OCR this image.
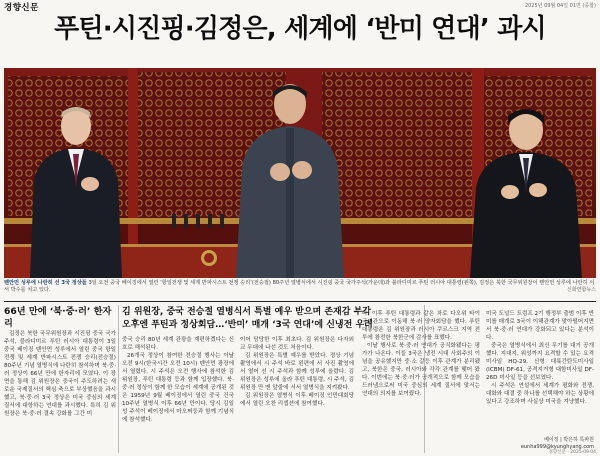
경향신문	2025년 09월 04일 01면 (종합)
푸틴·시진핑·김정은, 세계에 ‘반미 연대’ 과시
톈안먼 성루에 나란히 선 3국 정상들 3일 오전 중국 베이징에서 열린 ‘항일전쟁 및 세계 반파시스트 전쟁 승리’(전승절) 80주년 열병식에서 시진핑 중국 국가주석(가운데)과 블라디미르 푸틴 러시아 대통령(왼쪽), 김정은 북한 국무위원장이 톈안먼 성루에 나란히 서서 박수를 치고 있다.	신화연합뉴스
66년 만에 ‘북·중·러’ 한자리
김 위원장, 중국 전승절 열병식서 특별 예우 받으며 존재감 부각
오후엔 푸틴과 정상회담…‘반미’ 매개 ‘3국 연대’에 신냉전 우려

김정은 북한 국무위원장과 시진핑 중국 국가주석, 블라디미르 푸틴 러시아 대통령이 3일 중국 베이징 톈안먼 성루에서 열린 중국 항일전쟁 및 세계 반파시스트 전쟁 승리(전승절) 80주년 기념 열병식에 나란히 참석하며 북·중·러 정상이 66년 만에 한자리에 모였다. 이 장면을 통해 김 위원장은 중국이 주도하려는 새로운 국제질서의 핵심 축으로 부상했음을 과시했고, 북·중·러 3국 정상은 미국 중심의 세계 질서에 대항하는 연대를 과시했다. 특히 김 위원장은 북·중·러 결속 강화를 그간 미

중국 승리 80년 세계 관광을 재편하겠다는 신호로 해석된다.

26개국 정상이 참여한 전승절 행사는 이날 오전 9시(한국시간 오전 10시) 톈안먼 광장에서 열렸다. 시 주석은 오전 행사에 참석한 김 위원장, 푸틴 대통령 등과 함께 입장했다. 북·중·러 정상이 함께 한 모습이 세계에 공개된 것은 1959년 9월 베이징에서 열린 중국 건국 10주년 열병식 이후 66년 만이다. 당시 김일성 주석이 베이징에서 마오쩌둥과 함께 기념식에 참석했다.

이어 담당한 이후 최초다. 김 위원장은 다자외교 무대에 나선 것도 처음이다.

김 위원장은 특별 예우를 받았다. 정상 기념촬영에서 시 주석 바로 왼편에 서 사진 촬영에서 열어 선 시 주석과 함께 성루에 올랐다. 김 위원장은 성루에 올라 푸틴 대통령, 시 주석, 김 위원장 만 맨 앞줄에 서서 열병식을 지켜봤다.

김 위원장은 열병식 이후 베이징 인민대회당에서 열린 오찬 리셉션에 참여했다.

다. 이후 푸틴 대통령과 같은 차로 다오위 타이 국빈관으로 이동해 북·러 양자회담을 했다. 푸틴 대통령은 김 위원장과 러시아 쿠르스크 지역 전투에 참전한 북한군에 감사를 표했다.

이날 행사로 북·중·러 연대가 공식화됐다는 평가가 나온다. 이들 3국은 냉전 시대 사회주의 이념을 공유했지만 중·소 갈등 이후 관계가 분리됐고, 북한은 중국, 러시아와 각각 관계를 맺어 왔다. 이번에는 북·중·러가 공개적으로 함께 모습을 드러냄으로써 미국 중심의 세계 질서에 맞서는 연대의 의지를 보여줬다.

미국 도널드 트럼프 2기 행정부 출범 이후 반미를 매개로 3국이 이해관계가 맞아떨어지면서 북·중·러 연대가 강화되고 있다는 분석이다.

중국은 열병식에서 최신 무기를 대거 공개했다. 지대지, 위성까지 요격할 수 있는 요격미사일 HQ-29, 신형 대륙간탄도미사일(ICBM) DF-61, 공격지거형 대함미사일 DF-26D 미사일 등을 선보였다.

시 주석은 연설에서 세계가 평화와 전쟁, 대화와 대결 중 하나를 선택해야 하는 상황에 있다고 강조하며 사실상 미국을 겨냥했다.

베이징 | 박은하 특파원
eunha999@kyunghyang.com
경향신문 · 2025·09·04
